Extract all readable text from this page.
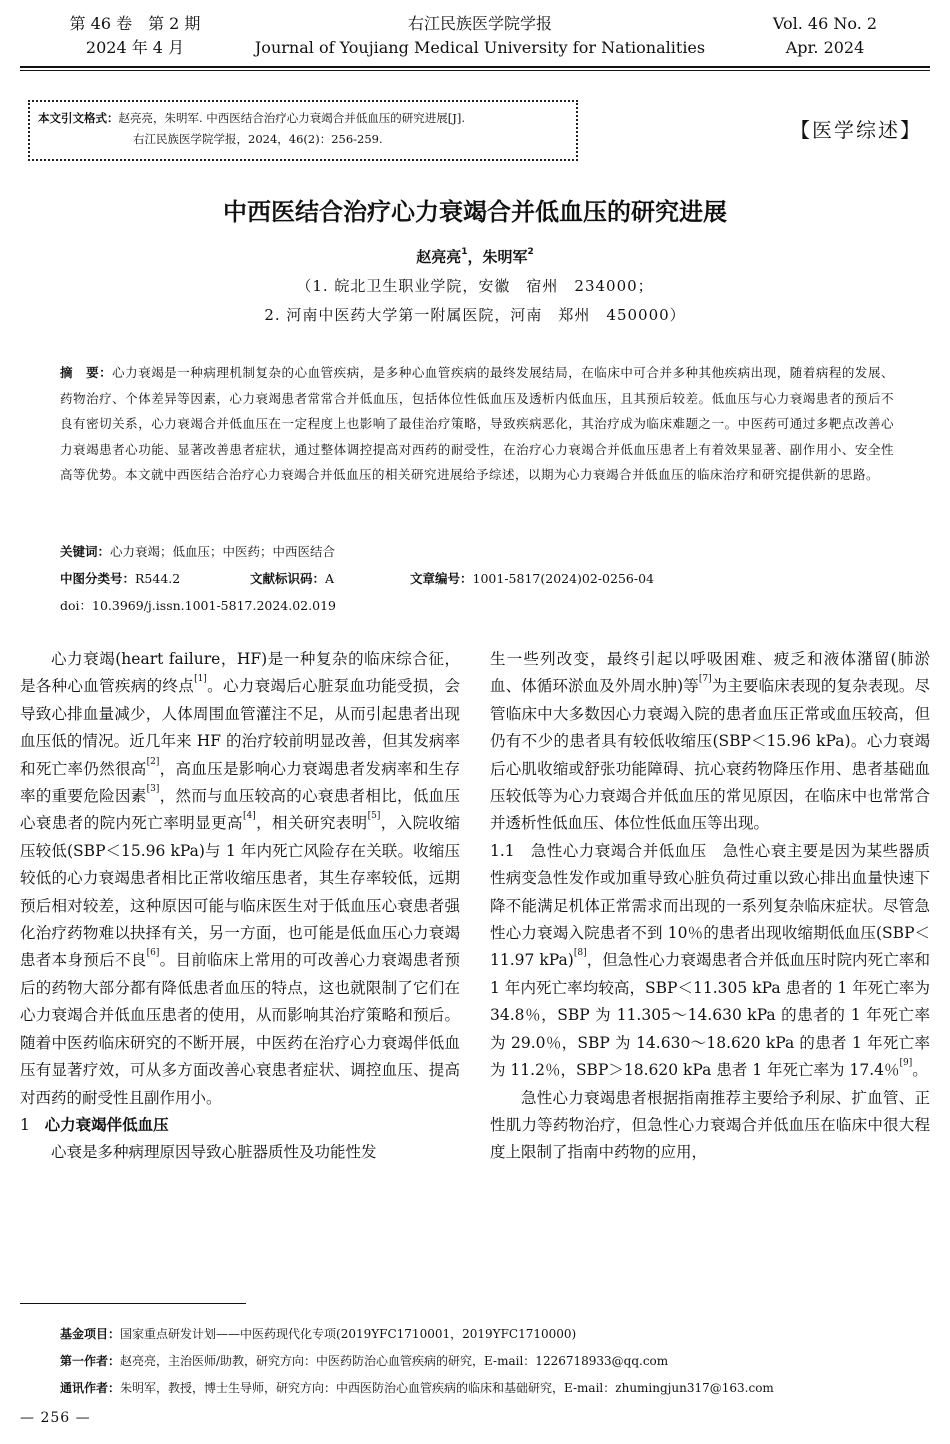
第 46 卷　第 2 期
2024 年 4 月
右江民族医学院学报
Journal of Youjiang Medical University for Nationalities
Vol. 46 No. 2
Apr. 2024
本文引文格式：赵亮亮，朱明军. 中西医结合治疗心力衰竭合并低血压的研究进展[J].
右江民族医学院学报，2024，46(2)：256-259.	【医学综述】
中西医结合治疗心力衰竭合并低血压的研究进展
赵亮亮$^1$，朱明军$^2$
（1. 皖北卫生职业学院，安徽　宿州　234000；
2. 河南中医药大学第一附属医院，河南　郑州　450000）
摘　要：心力衰竭是一种病理机制复杂的心血管疾病，是多种心血管疾病的最终发展结局，在临床中可合并多种其他疾病出现，随着病程的发展、药物治疗、个体差异等因素，心力衰竭患者常常合并低血压，包括体位性低血压及透析内低血压，且其预后较差。低血压与心力衰竭患者的预后不良有密切关系，心力衰竭合并低血压在一定程度上也影响了最佳治疗策略，导致疾病恶化，其治疗成为临床难题之一。中医药可通过多靶点改善心力衰竭患者心功能、显著改善患者症状，通过整体调控提高对西药的耐受性，在治疗心力衰竭合并低血压患者上有着效果显著、副作用小、安全性高等优势。本文就中西医结合治疗心力衰竭合并低血压的相关研究进展给予综述，以期为心力衰竭合并低血压的临床治疗和研究提供新的思路。
关键词：心力衰竭；低血压；中医药；中西医结合
中图分类号：R544.2	文献标识码：A	文章编号：1001-5817(2024)02-0256-04
doi：10.3969/j.issn.1001-5817.2024.02.019

心力衰竭(heart failure，HF)是一种复杂的临床综合征，是各种心血管疾病的终点[1]。心力衰竭后心脏泵血功能受损，会导致心排血量减少，人体周围血管灌注不足，从而引起患者出现血压低的情况。近几年来 HF 的治疗较前明显改善，但其发病率和死亡率仍然很高[2]，高血压是影响心力衰竭患者发病率和生存率的重要危险因素[3]，然而与血压较高的心衰患者相比，低血压心衰患者的院内死亡率明显更高[4]，相关研究表明[5]，入院收缩压较低(SBP＜15.96 kPa)与 1 年内死亡风险存在关联。收缩压较低的心力衰竭患者相比正常收缩压患者，其生存率较低，远期预后相对较差，这种原因可能与临床医生对于低血压心衰患者强化治疗药物难以抉择有关，另一方面，也可能是低血压心力衰竭患者本身预后不良[6]。目前临床上常用的可改善心力衰竭患者预后的药物大部分都有降低患者血压的特点，这也就限制了它们在心力衰竭合并低血压患者的使用，从而影响其治疗策略和预后。随着中医药临床研究的不断开展，中医药在治疗心力衰竭伴低血压有显著疗效，可从多方面改善心衰患者症状、调控血压、提高对西药的耐受性且副作用小。

1 心力衰竭伴低血压

心衰是多种病理原因导致心脏器质性及功能性发

生一些列改变，最终引起以呼吸困难、疲乏和液体潴留(肺淤血、体循环淤血及外周水肿)等[7]为主要临床表现的复杂表现。尽管临床中大多数因心力衰竭入院的患者血压正常或血压较高，但仍有不少的患者具有较低收缩压(SBP＜15.96 kPa)。心力衰竭后心肌收缩或舒张功能障碍、抗心衰药物降压作用、患者基础血压较低等为心力衰竭合并低血压的常见原因，在临床中也常常合并透析性低血压、体位性低血压等出现。

1.1 急性心力衰竭合并低血压 急性心衰主要是因为某些器质性病变急性发作或加重导致心脏负荷过重以致心排出血量快速下降不能满足机体正常需求而出现的一系列复杂临床症状。尽管急性心力衰竭入院患者不到 10％的患者出现收缩期低血压(SBP＜11.97 kPa)[8]，但急性心力衰竭患者合并低血压时院内死亡率和 1 年内死亡率均较高，SBP＜11.305 kPa 患者的 1 年死亡率为 34.8％，SBP 为 11.305～14.630 kPa 的患者的 1 年死亡率为 29.0％，SBP 为 14.630～18.620 kPa 的患者 1 年死亡率为 11.2％，SBP＞18.620 kPa 患者 1 年死亡率为 17.4％[9]。

急性心力衰竭患者根据指南推荐主要给予利尿、扩血管、正性肌力等药物治疗，但急性心力衰竭合并低血压在临床中很大程度上限制了指南中药物的应用，

基金项目：国家重点研发计划——中医药现代化专项(2019YFC1710001，2019YFC1710000)
第一作者：赵亮亮，主治医师/助教，研究方向：中医药防治心血管疾病的研究，E-mail：1226718933@qq.com
通讯作者：朱明军，教授，博士生导师，研究方向：中西医防治心血管疾病的临床和基础研究，E-mail：zhumingjun317@163.com
— 256 —
